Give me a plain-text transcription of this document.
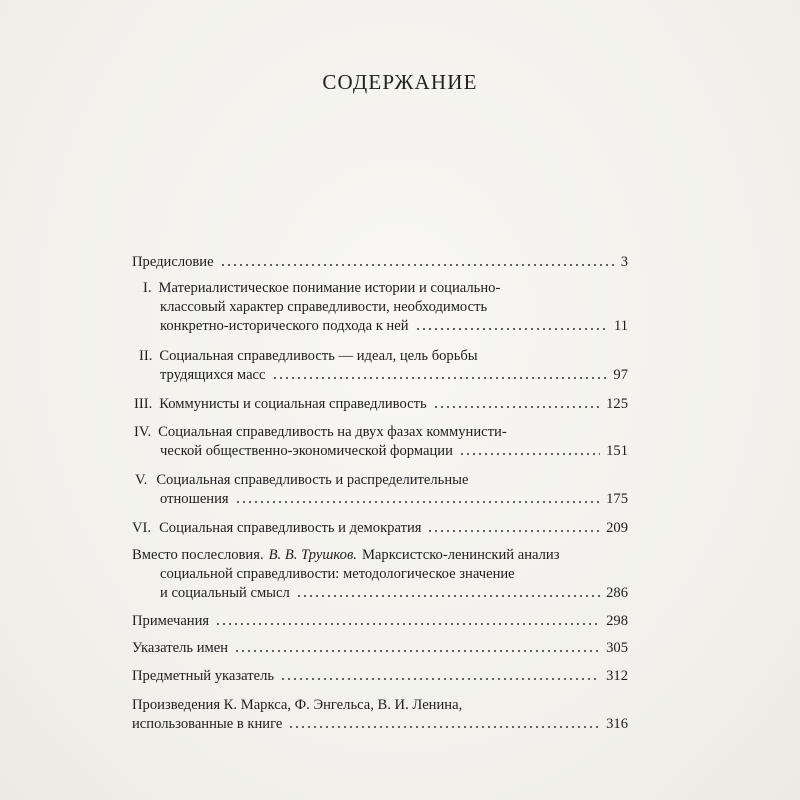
СОДЕРЖАНИЕ
Предисловие	3
I. Материалистическое понимание истории и социально-
классовый характер справедливости, необходимость
конкретно-исторического подхода к ней	11
II. Социальная справедливость — идеал, цель борьбы
трудящихся масс	97
III. Коммунисты и социальная справедливость	125
IV. Социальная справедливость на двух фазах коммунисти-
ческой общественно-экономической формации	151
V. Социальная справедливость и распределительные
отношения	175
VI. Социальная справедливость и демократия	209
Вместо послесловия. В. В. Трушков. Марксистско-ленинский анализ
социальной справедливости: методологическое значение
и социальный смысл	286
Примечания	298
Указатель имен	305
Предметный указатель	312
Произведения К. Маркса, Ф. Энгельса, В. И. Ленина,
использованные в книге	316
